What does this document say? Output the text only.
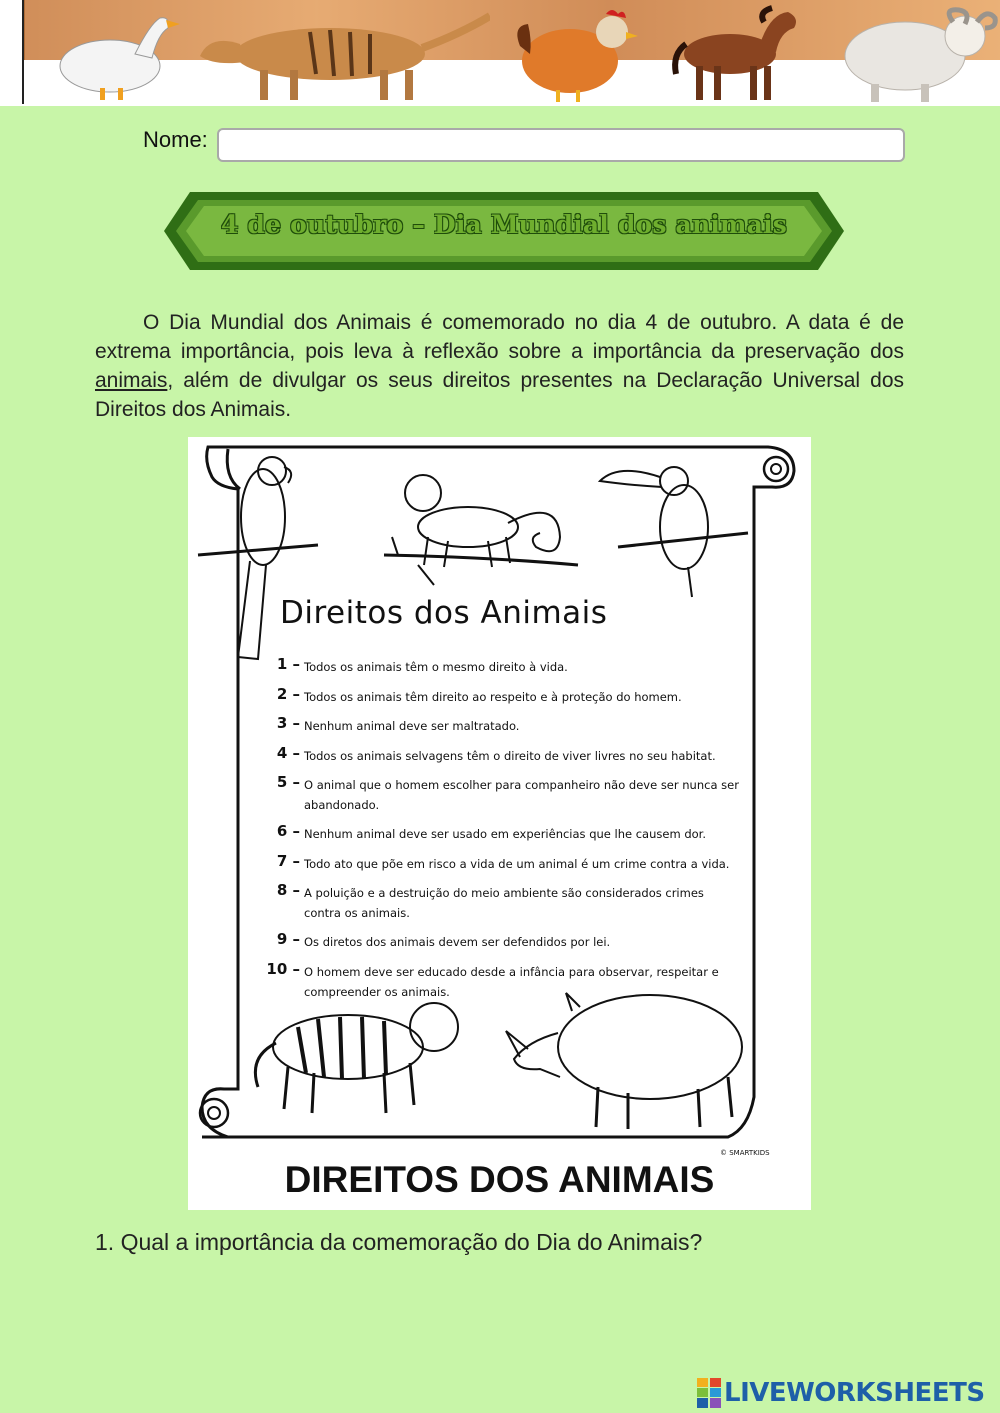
Nome:
4 de outubro – Dia Mundial dos animais

O Dia Mundial dos Animais é comemorado no dia 4 de outubro. A data é de extrema importância, pois leva à reflexão sobre a importância da preservação dos animais, além de divulgar os seus direitos presentes na Declaração Universal dos Direitos dos Animais.

Direitos dos Animais
1 – Todos os animais têm o mesmo direito à vida.
2 – Todos os animais têm direito ao respeito e à proteção do homem.
3 – Nenhum animal deve ser maltratado.
4 – Todos os animais selvagens têm o direito de viver livres no seu habitat.
5 – O animal que o homem escolher para companheiro não deve ser nunca ser abandonado.
6 – Nenhum animal deve ser usado em experiências que lhe causem dor.
7 – Todo ato que põe em risco a vida de um animal é um crime contra a vida.
8 – A poluição e a destruição do meio ambiente são considerados crimes contra os animais.
9 – Os diretos dos animais devem ser defendidos por lei.
10 – O homem deve ser educado desde a infância para observar, respeitar e compreender os animais.
© SMARTKIDS
DIREITOS DOS ANIMAIS
1. Qual a importância da comemoração do Dia do Animais?
LIVEWORKSHEETS
